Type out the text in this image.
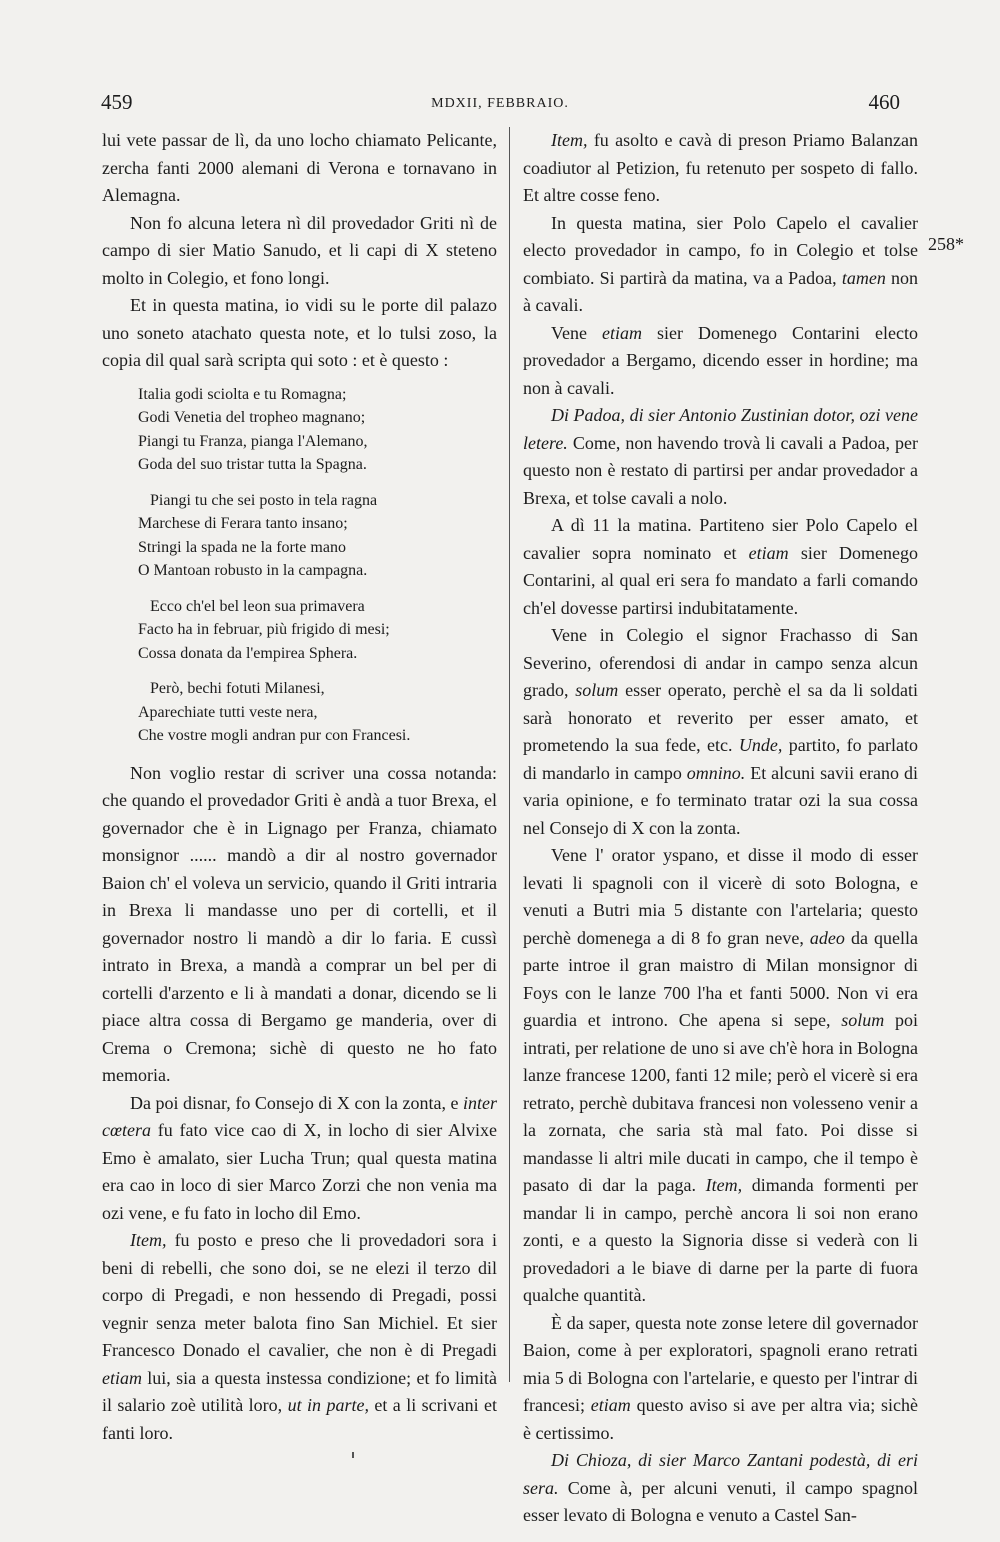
459	MDXII, FEBBRAIO.	460
258*

lui vete passar de lì, da uno locho chiamato Pelicante, zercha fanti 2000 alemani di Verona e tornavano in Alemagna.

Non fo alcuna letera nì dil provedador Griti nì de campo di sier Matio Sanudo, et li capi di X steteno molto in Colegio, et fono longi.

Et in questa matina, io vidi su le porte dil palazo uno soneto atachato questa note, et lo tulsi zoso, la copia dil qual sarà scripta qui soto : et è questo :

Italia godi sciolta e tu Romagna;
Godi Venetia del tropheo magnano;
Piangi tu Franza, pianga l'Alemano,
Goda del suo tristar tutta la Spagna.
Piangi tu che sei posto in tela ragna
Marchese di Ferara tanto insano;
Stringi la spada ne la forte mano
O Mantoan robusto in la campagna.
Ecco ch'el bel leon sua primavera
Facto ha in februar, più frigido di mesi;
Cossa donata da l'empirea Sphera.
Però, bechi fotuti Milanesi,
Aparechiate tutti veste nera,
Che vostre mogli andran pur con Francesi.

Non voglio restar di scriver una cossa notanda: che quando el provedador Griti è andà a tuor Brexa, el governador che è in Lignago per Franza, chiamato monsignor ...... mandò a dir al nostro governador Baion ch' el voleva un servicio, quando il Griti intraria in Brexa li mandasse uno per di cortelli, et il governador nostro li mandò a dir lo faria. E cussì intrato in Brexa, a mandà a comprar un bel per di cortelli d'arzento e li à mandati a donar, dicendo se li piace altra cossa di Bergamo ge manderia, over di Crema o Cremona; sichè di questo ne ho fato memoria.

Da poi disnar, fo Consejo di X con la zonta, e inter cœtera fu fato vice cao di X, in locho di sier Alvixe Emo è amalato, sier Lucha Trun; qual questa matina era cao in loco di sier Marco Zorzi che non venia ma ozi vene, e fu fato in locho dil Emo.

Item, fu posto e preso che li provedadori sora i beni di rebelli, che sono doi, se ne elezi il terzo dil corpo di Pregadi, e non hessendo di Pregadi, possi vegnir senza meter balota fino San Michiel. Et sier Francesco Donado el cavalier, che non è di Pregadi etiam lui, sia a questa instessa condizione; et fo limità il salario zoè utilità loro, ut in parte, et a li scrivani et fanti loro.

Item, fu asolto e cavà di preson Priamo Balanzan coadiutor al Petizion, fu retenuto per sospeto di fallo. Et altre cosse feno.

In questa matina, sier Polo Capelo el cavalier electo provedador in campo, fo in Colegio et tolse combiato. Si partirà da matina, va a Padoa, tamen non à cavali.

Vene etiam sier Domenego Contarini electo provedador a Bergamo, dicendo esser in hordine; ma non à cavali.

Di Padoa, di sier Antonio Zustinian dotor, ozi vene letere. Come, non havendo trovà li cavali a Padoa, per questo non è restato di partirsi per andar provedador a Brexa, et tolse cavali a nolo.

A dì 11 la matina. Partiteno sier Polo Capelo el cavalier sopra nominato et etiam sier Domenego Contarini, al qual eri sera fo mandato a farli comando ch'el dovesse partirsi indubitatamente.

Vene in Colegio el signor Frachasso di San Severino, oferendosi di andar in campo senza alcun grado, solum esser operato, perchè el sa da li soldati sarà honorato et reverito per esser amato, et prometendo la sua fede, etc. Unde, partito, fo parlato di mandarlo in campo omnino. Et alcuni savii erano di varia opinione, e fo terminato tratar ozi la sua cossa nel Consejo di X con la zonta.

Vene l' orator yspano, et disse il modo di esser levati li spagnoli con il vicerè di soto Bologna, e venuti a Butri mia 5 distante con l'artelaria; questo perchè domenega a di 8 fo gran neve, adeo da quella parte introe il gran maistro di Milan monsignor di Foys con le lanze 700 l'ha et fanti 5000. Non vi era guardia et introno. Che apena si sepe, solum poi intrati, per relatione de uno si ave ch'è hora in Bologna lanze francese 1200, fanti 12 mile; però el vicerè si era retrato, perchè dubitava francesi non volesseno venir a la zornata, che saria stà mal fato. Poi disse si mandasse li altri mile ducati in campo, che il tempo è pasato di dar la paga. Item, dimanda formenti per mandar li in campo, perchè ancora li soi non erano zonti, e a questo la Signoria disse si vederà con li provedadori a le biave di darne per la parte di fuora qualche quantità.

È da saper, questa note zonse letere dil governador Baion, come à per exploratori, spagnoli erano retrati mia 5 di Bologna con l'artelarie, e questo per l'intrar di francesi; etiam questo aviso si ave per altra via; sichè è certissimo.

Di Chioza, di sier Marco Zantani podestà, di eri sera. Come à, per alcuni venuti, il campo spagnol esser levato di Bologna e venuto a Castel San-
